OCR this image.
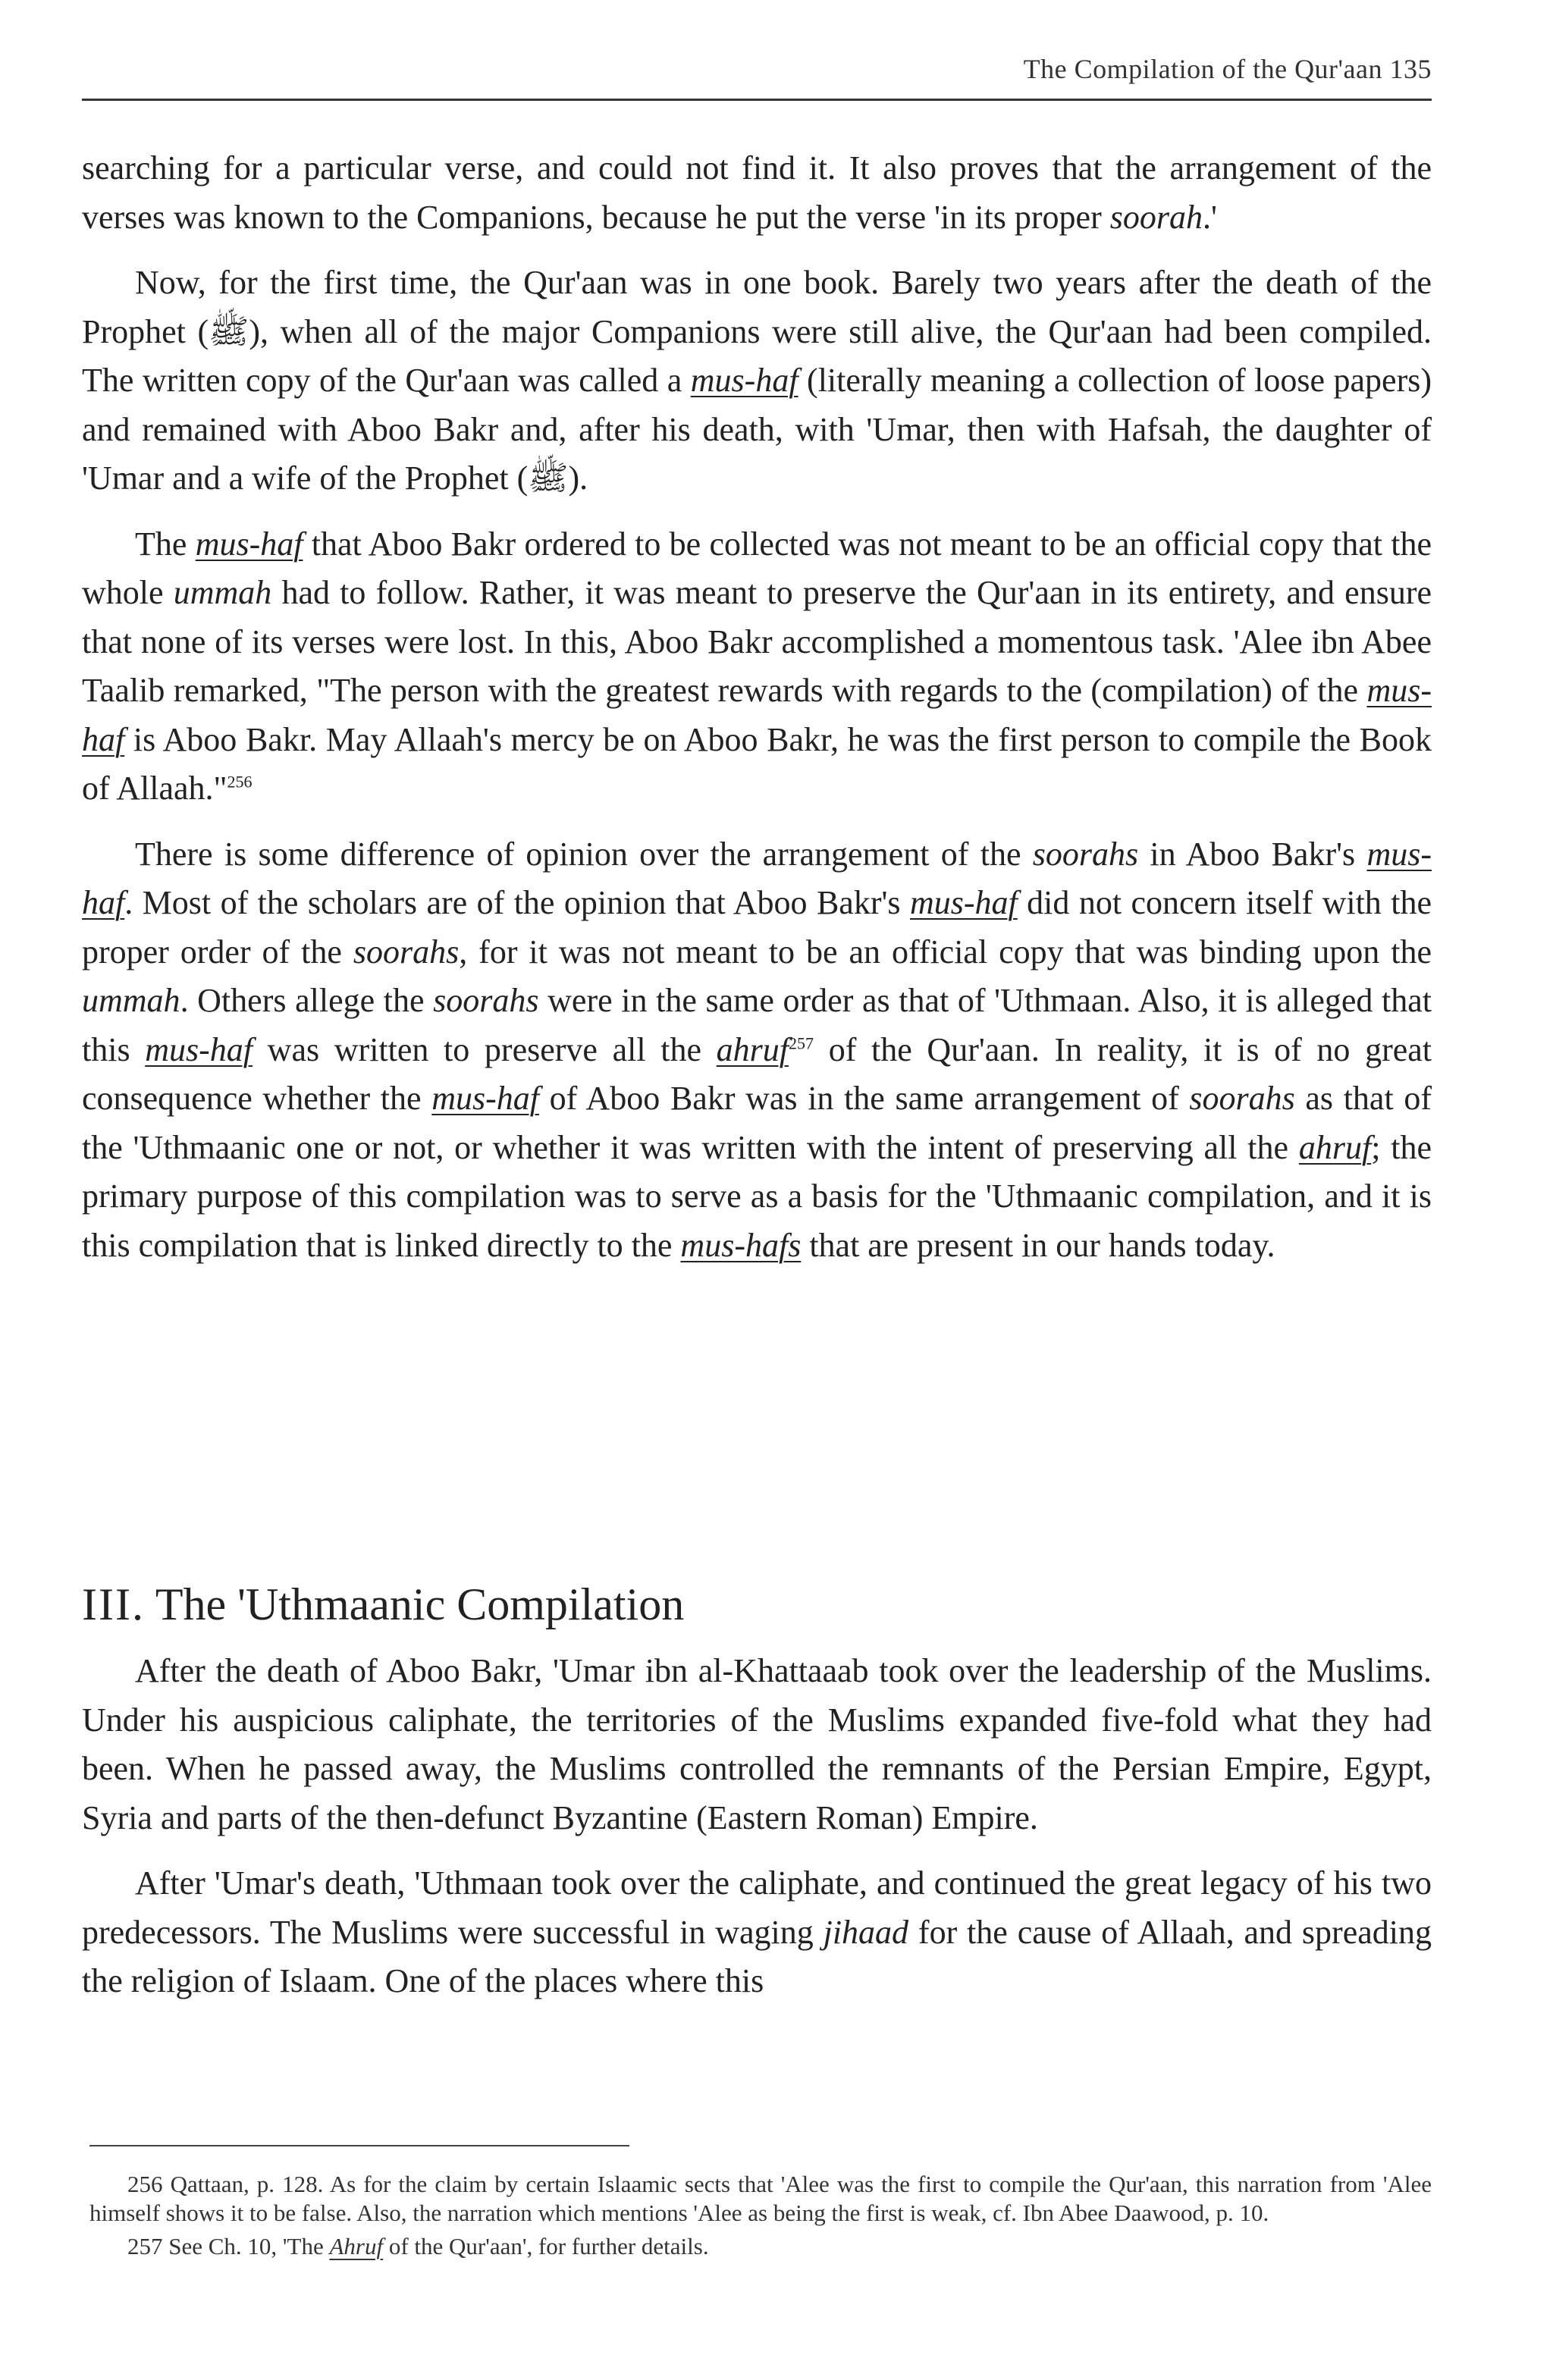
The Compilation of the Qur'aan 135

searching for a particular verse, and could not find it. It also proves that the arrangement of the verses was known to the Companions, because he put the verse 'in its proper soorah.'

Now, for the first time, the Qur'aan was in one book. Barely two years after the death of the Prophet (ﷺ), when all of the major Companions were still alive, the Qur'aan had been compiled. The written copy of the Qur'aan was called a mus-haf (literally meaning a collection of loose papers) and remained with Aboo Bakr and, after his death, with 'Umar, then with Hafsah, the daughter of 'Umar and a wife of the Prophet (ﷺ).

The mus-haf that Aboo Bakr ordered to be collected was not meant to be an official copy that the whole ummah had to follow. Rather, it was meant to preserve the Qur'aan in its entirety, and ensure that none of its verses were lost. In this, Aboo Bakr accomplished a momentous task. 'Alee ibn Abee Taalib remarked, "The person with the greatest rewards with regards to the (compilation) of the mus-haf is Aboo Bakr. May Allaah's mercy be on Aboo Bakr, he was the first person to compile the Book of Allaah."$^{256}$

There is some difference of opinion over the arrangement of the soorahs in Aboo Bakr's mus-haf. Most of the scholars are of the opinion that Aboo Bakr's mus-haf did not concern itself with the proper order of the soorahs, for it was not meant to be an official copy that was binding upon the ummah. Others allege the soorahs were in the same order as that of 'Uthmaan. Also, it is alleged that this mus-haf was written to preserve all the ahruf$^{257}$ of the Qur'aan. In reality, it is of no great consequence whether the mus-haf of Aboo Bakr was in the same arrangement of soorahs as that of the 'Uthmaanic one or not, or whether it was written with the intent of preserving all the ahruf; the primary purpose of this compilation was to serve as a basis for the 'Uthmaanic compilation, and it is this compilation that is linked directly to the mus-hafs that are present in our hands today.

III. The 'Uthmaanic Compilation

After the death of Aboo Bakr, 'Umar ibn al-Khattaaab took over the leadership of the Muslims. Under his auspicious caliphate, the territories of the Muslims expanded five-fold what they had been. When he passed away, the Muslims controlled the remnants of the Persian Empire, Egypt, Syria and parts of the then-defunct Byzantine (Eastern Roman) Empire.

After 'Umar's death, 'Uthmaan took over the caliphate, and continued the great legacy of his two predecessors. The Muslims were successful in waging jihaad for the cause of Allaah, and spreading the religion of Islaam. One of the places where this

256 Qattaan, p. 128. As for the claim by certain Islaamic sects that 'Alee was the first to compile the Qur'aan, this narration from 'Alee himself shows it to be false. Also, the narration which mentions 'Alee as being the first is weak, cf. Ibn Abee Daawood, p. 10.

257 See Ch. 10, 'The Ahruf of the Qur'aan', for further details.
